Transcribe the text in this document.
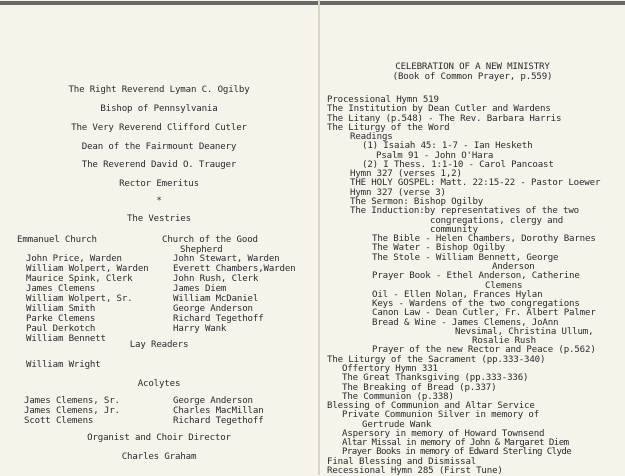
The Right Reverend Lyman C. Ogilby
Bishop of Pennsylvania
The Very Reverend Clifford Cutler
Dean of the Fairmount Deanery
The Reverend David O. Trauger
Rector Emeritus
*
The Vestries
Emmanuel Church
John Price, Warden
William Wolpert, Warden
Maurice Spink, Clerk
James Clemens
William Wolpert, Sr.
William Smith
Parke Clemens
Paul Derkotch
William Bennett
Church of the Good
Shepherd
John Stewart, Warden
Everett Chambers,Warden
John Rush, Clerk
James Diem
William McDaniel
George Anderson
Richard Tegethoff
Harry Wank
Lay Readers
William Wright
Acolytes
James Clemens, Sr.
James Clemens, Jr.
Scott Clemens
George Anderson
Charles MacMillan
Richard Tegethoff
Organist and Choir Director
Charles Graham
CELEBRATION OF A NEW MINISTRY
(Book of Common Prayer, p.559)
Processional Hymn 519
The Institution by Dean Cutler and Wardens
The Litany (p.548) - The Rev. Barbara Harris
The Liturgy of the Word
Readings
(1) Isaiah 45: 1-7 - Ian Hesketh
Psalm 91 - John O'Hara
(2) I Thess. 1:1-10 - Carol Pancoast
Hymn 327 (verses 1,2)
THE HOLY GOSPEL: Matt. 22:15-22 - Pastor Loewer
Hymn 327 (verse 3)
The Sermon: Bishop Ogilby
The Induction:by representatives of the two
congregations, clergy and
community
The Bible - Helen Chambers, Dorothy Barnes
The Water - Bishop Ogilby
The Stole - William Bennett, George
Anderson
Prayer Book - Ethel Anderson, Catherine
Clemens
Oil - Ellen Nolan, Frances Hylan
Keys - Wardens of the two congregations
Canon Law - Dean Cutler, Fr. Albert Palmer
Bread & Wine - James Clemens, JoAnn
Nevsimal, Christina Ullum,
Rosalie Rush
Prayer of the new Rector and Peace (p.562)
The Liturgy of the Sacrament (pp.333-340)
Offertory Hymn 331
The Great Thanksgiving (pp.333-336)
The Breaking of Bread (p.337)
The Communion (p.338)
Blessing of Communion and Altar Service
Private Communion Silver in memory of
Gertrude Wank
Aspersory in memory of Howard Townsend
Altar Missal in memory of John & Margaret Diem
Prayer Books in memory of Edward Sterling Clyde
Final Blessing and Dismissal
Recessional Hymn 285 (First Tune)
